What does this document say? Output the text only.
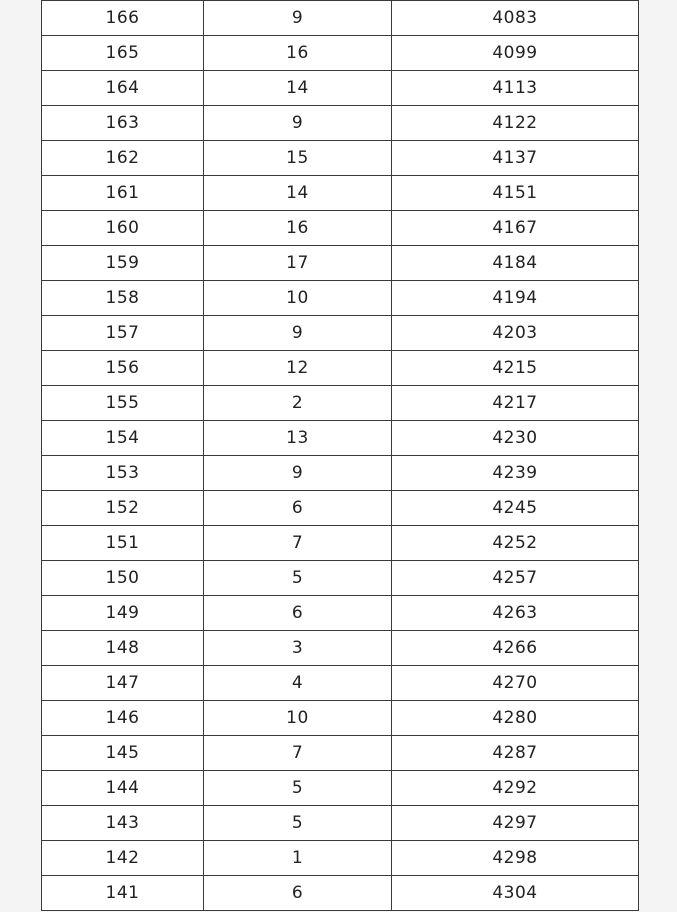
166	9	4083
165	16	4099
164	14	4113
163	9	4122
162	15	4137
161	14	4151
160	16	4167
159	17	4184
158	10	4194
157	9	4203
156	12	4215
155	2	4217
154	13	4230
153	9	4239
152	6	4245
151	7	4252
150	5	4257
149	6	4263
148	3	4266
147	4	4270
146	10	4280
145	7	4287
144	5	4292
143	5	4297
142	1	4298
141	6	4304
